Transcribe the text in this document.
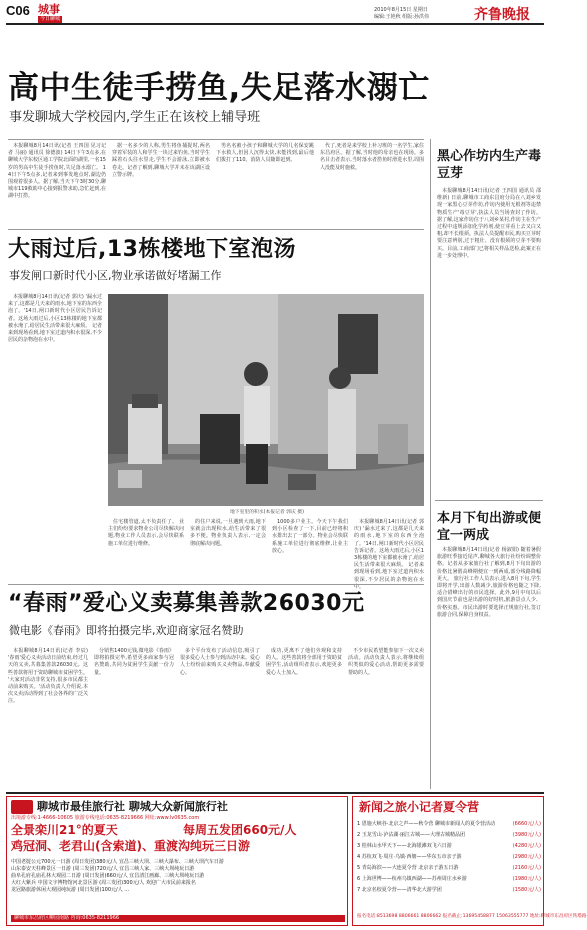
C06 城事
今日聊城
2010年8月15日 星期日
编辑:王艳秋 组版:孙洪伟	齐鲁晚报
高中生徒手捞鱼,失足落水溺亡
事发聊城大学校园内,学生正在该校上辅导班

本报聊城8月14日讯(记者 王四国 见习记者 马丽) 通讯员 徐德波) 14日下午3点多,在聊城大学东校区通工学院北面的湖里,一名15岁的男高中生徒手捞鱼时,失足落水溺亡。 14日下午5点多,记者来到事发地点时,湖边仍围观着很多人。据了解,当天下午3时30分,聊城市119救助中心接到报警求助,急忙赶到,在湖中打捞。

据一名多少的人称,男生将鱼捕捉时,两名穿着军装的人和学生一块过来钓鱼,当时学生踩着石头往水里走,学生不会游泳,立即被水卷走。记者了解到,聊城大学并未在该湖区设立警示牌。

男名名被小孩子和聊城大学的几名保安跳下水救人,但因人沉得太快,未能找到,最后他们拨打了110。消防人员随即赶到。

代了,死者是来学校上补习班的一名学生,家住东昌府区。据了解,当时他的母亲也在现场。多名目击者表示,当时落水者捞鱼时滑进水里,周围人没能及时施救。

黑心作坊内生产毒豆芽

本报聊城8月14日讯(记者 王四国 通讯员 邵维新) 日前,聊城市工商东昌府分局在八刘乡发现一家黑心豆芽作坊,作坊内使用无根剂等违禁物质生产'毒豆芽',执法人员当场查封了作坊。 据了解,这家作坊位于八刘乡某村,作坊主在生产过程中违规添加化学药剂,使豆芽看上去又白又粗,却不长根须。执法人员提醒市民,购买豆芽时要注意辨别,过于粗壮、没有根须的豆芽不要购买。目前,工商部门已将相关样品送检,此案正在进一步处理中。

大雨过后,13栋楼地下室泡汤
事发闸口新时代小区,物业承诺做好堵漏工作

本报聊城8月14日讯(记者 郭庆) '漏水过来了,这都是几天来的雨水,地下室的东西全泡了。'14日,闸口新时代小区居民告诉记者。这场大雨过后,小区13栋楼的地下室都被水淹了,给居民生活带来很大麻烦。 记者来到现场看到,地下室过道内积水很深,不少居民的杂物泡在水中。

地下室里的积水(本报记者 郭庆 摄)

住宅楼管道,太不负责任了。 业主们纷纷要求物业公司尽快解决问题,物业工作人员表示,会尽快联系施工单位进行维修。

的住户来说,一旦遇到大雨,地下室就会出现积水,给生活带来了很多不便。物业负责人表示,一定会彻底解决问题。

1000多户业主。今天下午我们到小区检查了一下,目前已经将积水排出去了一部分。物业会尽快联系施工单位进行彻底维修,让业主放心。

本报聊城8月14日讯(记者 郭庆) '漏水过来了,这都是几天来的雨水,地下室的东西全泡了。'14日,闸口新时代小区居民告诉记者。这场大雨过后,小区13栋楼的地下室都被水淹了,给居民生活带来很大麻烦。 记者来到现场看到,地下室过道内积水很深,不少居民的杂物泡在水中。

本月下旬出游或便宜一两成

本报聊城8月14日讯(记者 杨淑娟) 随着暑假旅游旺季接近尾声,聊城各大旅行社纷纷调整价格。记者从多家旅行社了解到,8月下旬出游的价格比暑假高峰期便宜一到两成,部分线路降幅更大。 旅行社工作人员表示,进入8月下旬,学生即将开学,出游人数减少,旅游价格也随之下降,适合错峰出行的市民选择。此外,9月中旬以后到国庆节前也是出游的好时机,旅游景点人少、价格实惠。市民出游时要选择正规旅行社,签订旅游合同,保障自身权益。

“春雨”爱心义卖募集善款26030元
微电影《春雨》即将拍摄完毕,欢迎商家冠名赞助

本报聊城8月14日讯(记者 李辰) '春雨'爱心义卖活动日前结束,经过几天的义卖,共募集善款26030元。这些善款将用于资助聊城市贫困学生。 '大家对活动非常支持,很多市民都主动前来购买。'活动负责人介绍说,本次义卖活动得到了社会各界的广泛关注。

分销售1400元钱,微电影《春雨》即将拍摄完毕,希望更多商家参与冠名赞助,共同为贫困学生贡献一份力量。

多个平台发布了活动信息,吸引了很多爱心人士参与到活动中来。爱心人士纷纷前来购买义卖物品,奉献爱心。

成功,更离不了他们旁观和支持的人。这些善款将全部用于资助贫困学生,活动组织者表示,欢迎更多爱心人士加入。

不少市民希望能参加下一次义卖活动。活动负责人表示,将继续组织类似的爱心活动,帮助更多需要帮助的人。

聊城市最佳旅行社 聊城大众新闻旅行社
出境游专线:1-4666-10605 旅游专线电话:0635-8219666 网址:www.lv0635.com
全景栾川21°的夏天	每周五发团660元/人
鸡冠洞、老君山(含索道)、重渡沟纯玩三日游
中国老挝公元700元一日游 (周日发团)380元/人 宜昌三峡大坝、三峡大瀑布、三峡大坝汽车日游
山东泰安天柱峰景区一日游 (周三发团)720元/人 宜昌三峡人家、三峡大坝纯玩日游
曲阜孔府孔庙孔林大观园二日游 (周日发团)660元/人 宜昌清江画廊、三峡大坝纯玩日游
大红大紫兵 中国文字博物馆河北景区游 (周三发团)300元/人 欢迎广大市民前来报名
龙冠路旅游休闲大观园纯玩游 (周日发团)100元/人 ...
聊城市东昌府区柳园南路 咨询:0635-8211966
新闻之旅小记者夏令营
1 恩施大峡谷·北京之声——秋令营 聊城市新闻人的夏令营活动	(6660元/人)
2 玉龙雪山·泸沽湖·丽江古城——大理古城精品团	(3980元/人)
3 桂林山水甲天下——北海银滩双飞六日游	(4280元/人)
4 苏杭双飞·周庄·乌镇·西塘——华东五市亲子游	(2980元/人)
5 青岛海滨——大连夏令营 北京亲子游五日游	(2160元/人)
6 上海世博——杭州乌镇西湖——苏州周庄水乡游	(1980元/人)
7 北京名校夏令营——清华北大游学团	(1580元/人)
报名电话:8513698 8806661 8806662 报名截止:13695458877 15063555777 地址:聊城市东昌府区铁塔路
